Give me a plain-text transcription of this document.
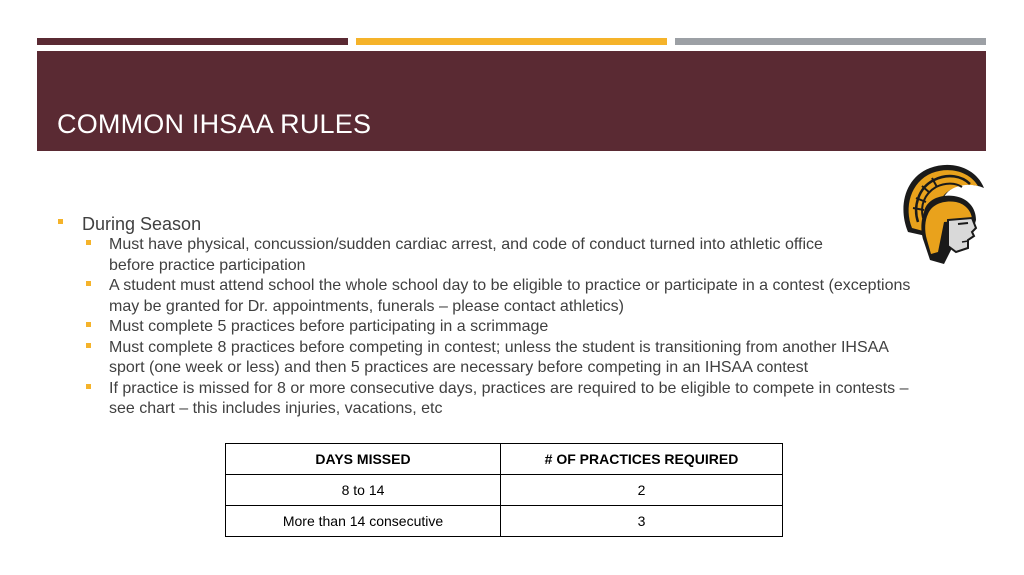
COMMON IHSAA RULES
During Season
Must have physical, concussion/sudden cardiac arrest, and code of conduct turned into athletic office
before practice participation
A student must attend school the whole school day to be eligible to practice or participate in a contest (exceptions
may be granted for Dr. appointments, funerals – please contact athletics)
Must complete 5 practices before participating in a scrimmage
Must complete 8 practices before competing in contest; unless the student is transitioning from another IHSAA
sport (one week or less) and then 5 practices are necessary before competing in an IHSAA contest
If practice is missed for 8 or more consecutive days, practices are required to be eligible to compete in contests –
see chart – this includes injuries, vacations, etc
DAYS MISSED	# OF PRACTICES REQUIRED
8 to 14	2
More than 14 consecutive	3
